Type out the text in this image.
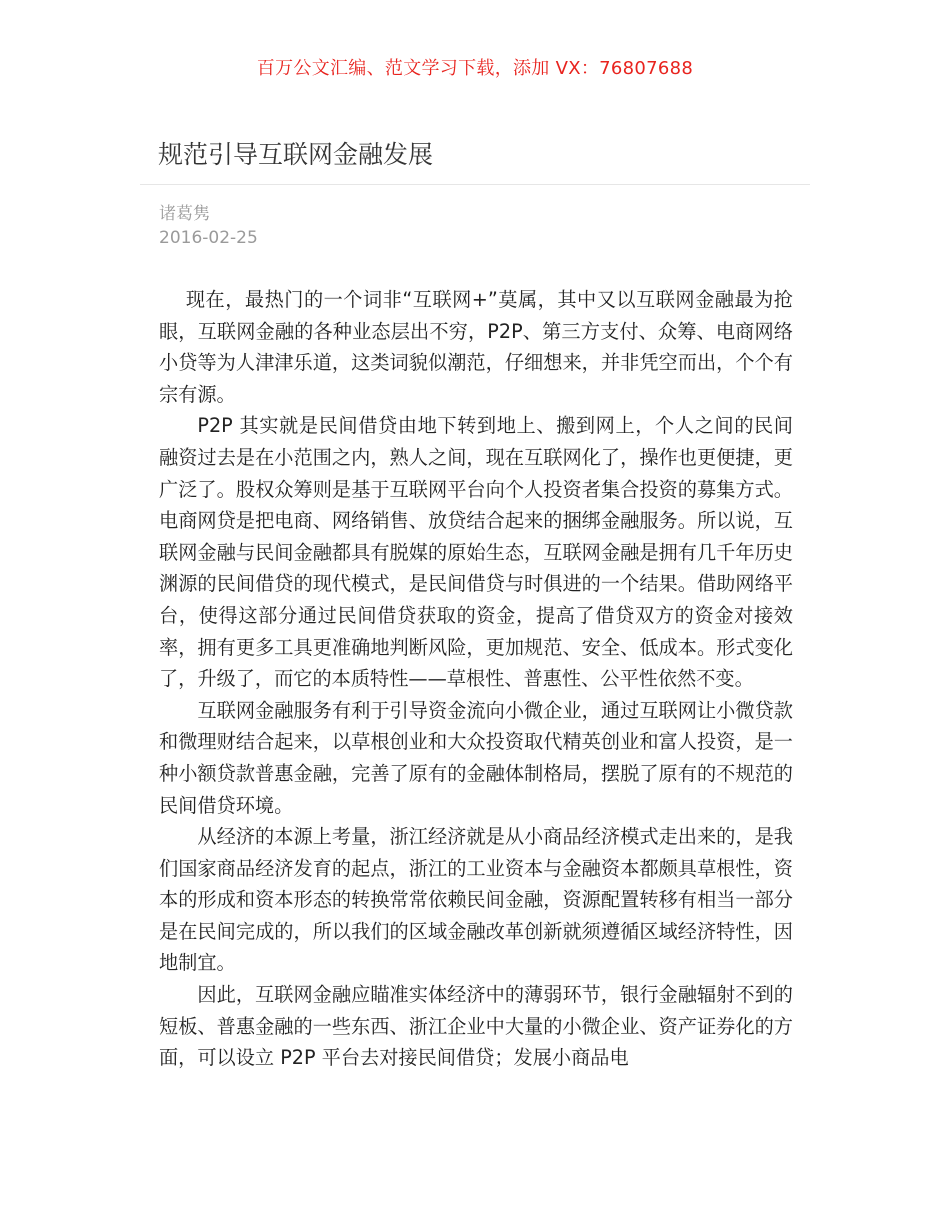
百万公文汇编、范文学习下载，添加 VX：76807688
规范引导互联网金融发展
诸葛隽
2016-02-25

现在，最热门的一个词非“互联网+”莫属，其中又以互联网金融最为抢眼，互联网金融的各种业态层出不穷，P2P、第三方支付、众筹、电商网络小贷等为人津津乐道，这类词貌似潮范，仔细想来，并非凭空而出，个个有宗有源。

P2P 其实就是民间借贷由地下转到地上、搬到网上，个人之间的民间融资过去是在小范围之内，熟人之间，现在互联网化了，操作也更便捷，更广泛了。股权众筹则是基于互联网平台向个人投资者集合投资的募集方式。电商网贷是把电商、网络销售、放贷结合起来的捆绑金融服务。所以说，互联网金融与民间金融都具有脱媒的原始生态，互联网金融是拥有几千年历史渊源的民间借贷的现代模式，是民间借贷与时俱进的一个结果。借助网络平台，使得这部分通过民间借贷获取的资金，提高了借贷双方的资金对接效率，拥有更多工具更准确地判断风险，更加规范、安全、低成本。形式变化了，升级了，而它的本质特性——草根性、普惠性、公平性依然不变。

互联网金融服务有利于引导资金流向小微企业，通过互联网让小微贷款和微理财结合起来，以草根创业和大众投资取代精英创业和富人投资，是一种小额贷款普惠金融，完善了原有的金融体制格局，摆脱了原有的不规范的民间借贷环境。

从经济的本源上考量，浙江经济就是从小商品经济模式走出来的，是我们国家商品经济发育的起点，浙江的工业资本与金融资本都颇具草根性，资本的形成和资本形态的转换常常依赖民间金融，资源配置转移有相当一部分是在民间完成的，所以我们的区域金融改革创新就须遵循区域经济特性，因地制宜。

因此，互联网金融应瞄准实体经济中的薄弱环节，银行金融辐射不到的短板、普惠金融的一些东西、浙江企业中大量的小微企业、资产证券化的方面，可以设立 P2P 平台去对接民间借贷；发展小商品电
